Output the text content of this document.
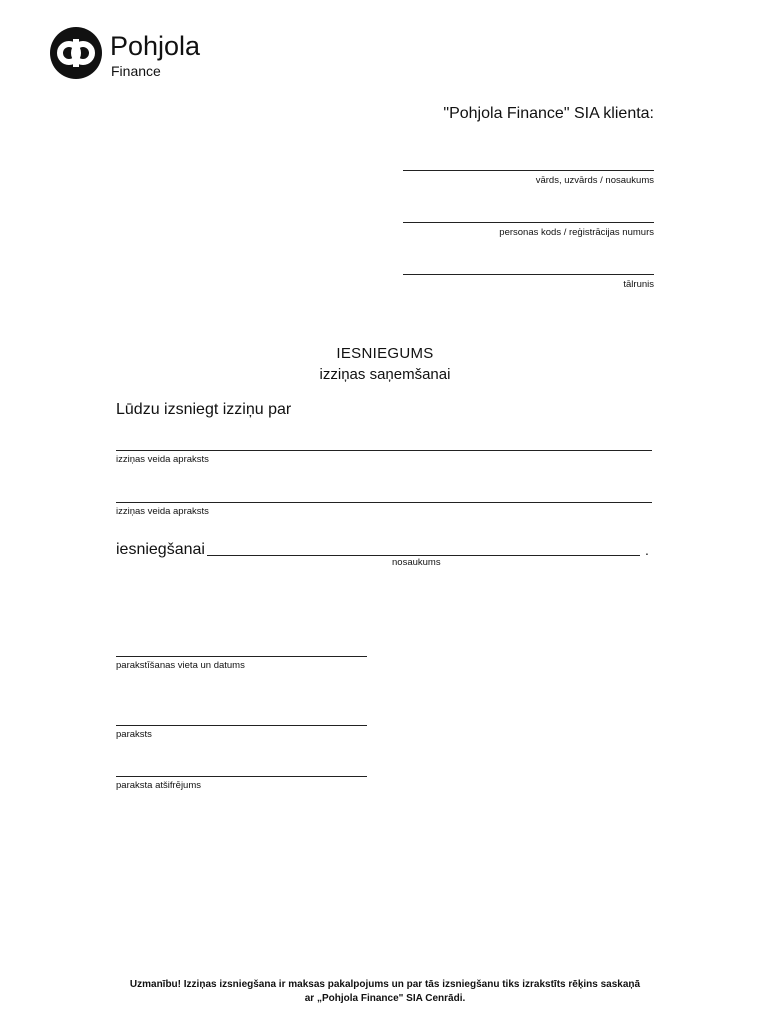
Pohjola
Finance
"Pohjola Finance" SIA klienta:
vārds, uzvārds / nosaukums
personas kods / reģistrācijas numurs
tālrunis
IESNIEGUMS
izziņas saņemšanai
Lūdzu izsniegt izziņu par
izziņas veida apraksts
izziņas veida apraksts
iesniegšanai	.
nosaukums
parakstīšanas vieta un datums
paraksts
paraksta atšifrējums
Uzmanību! Izziņas izsniegšana ir maksas pakalpojums un par tās izsniegšanu tiks izrakstīts rēķins saskaņā
ar „Pohjola Finance" SIA Cenrādi.
